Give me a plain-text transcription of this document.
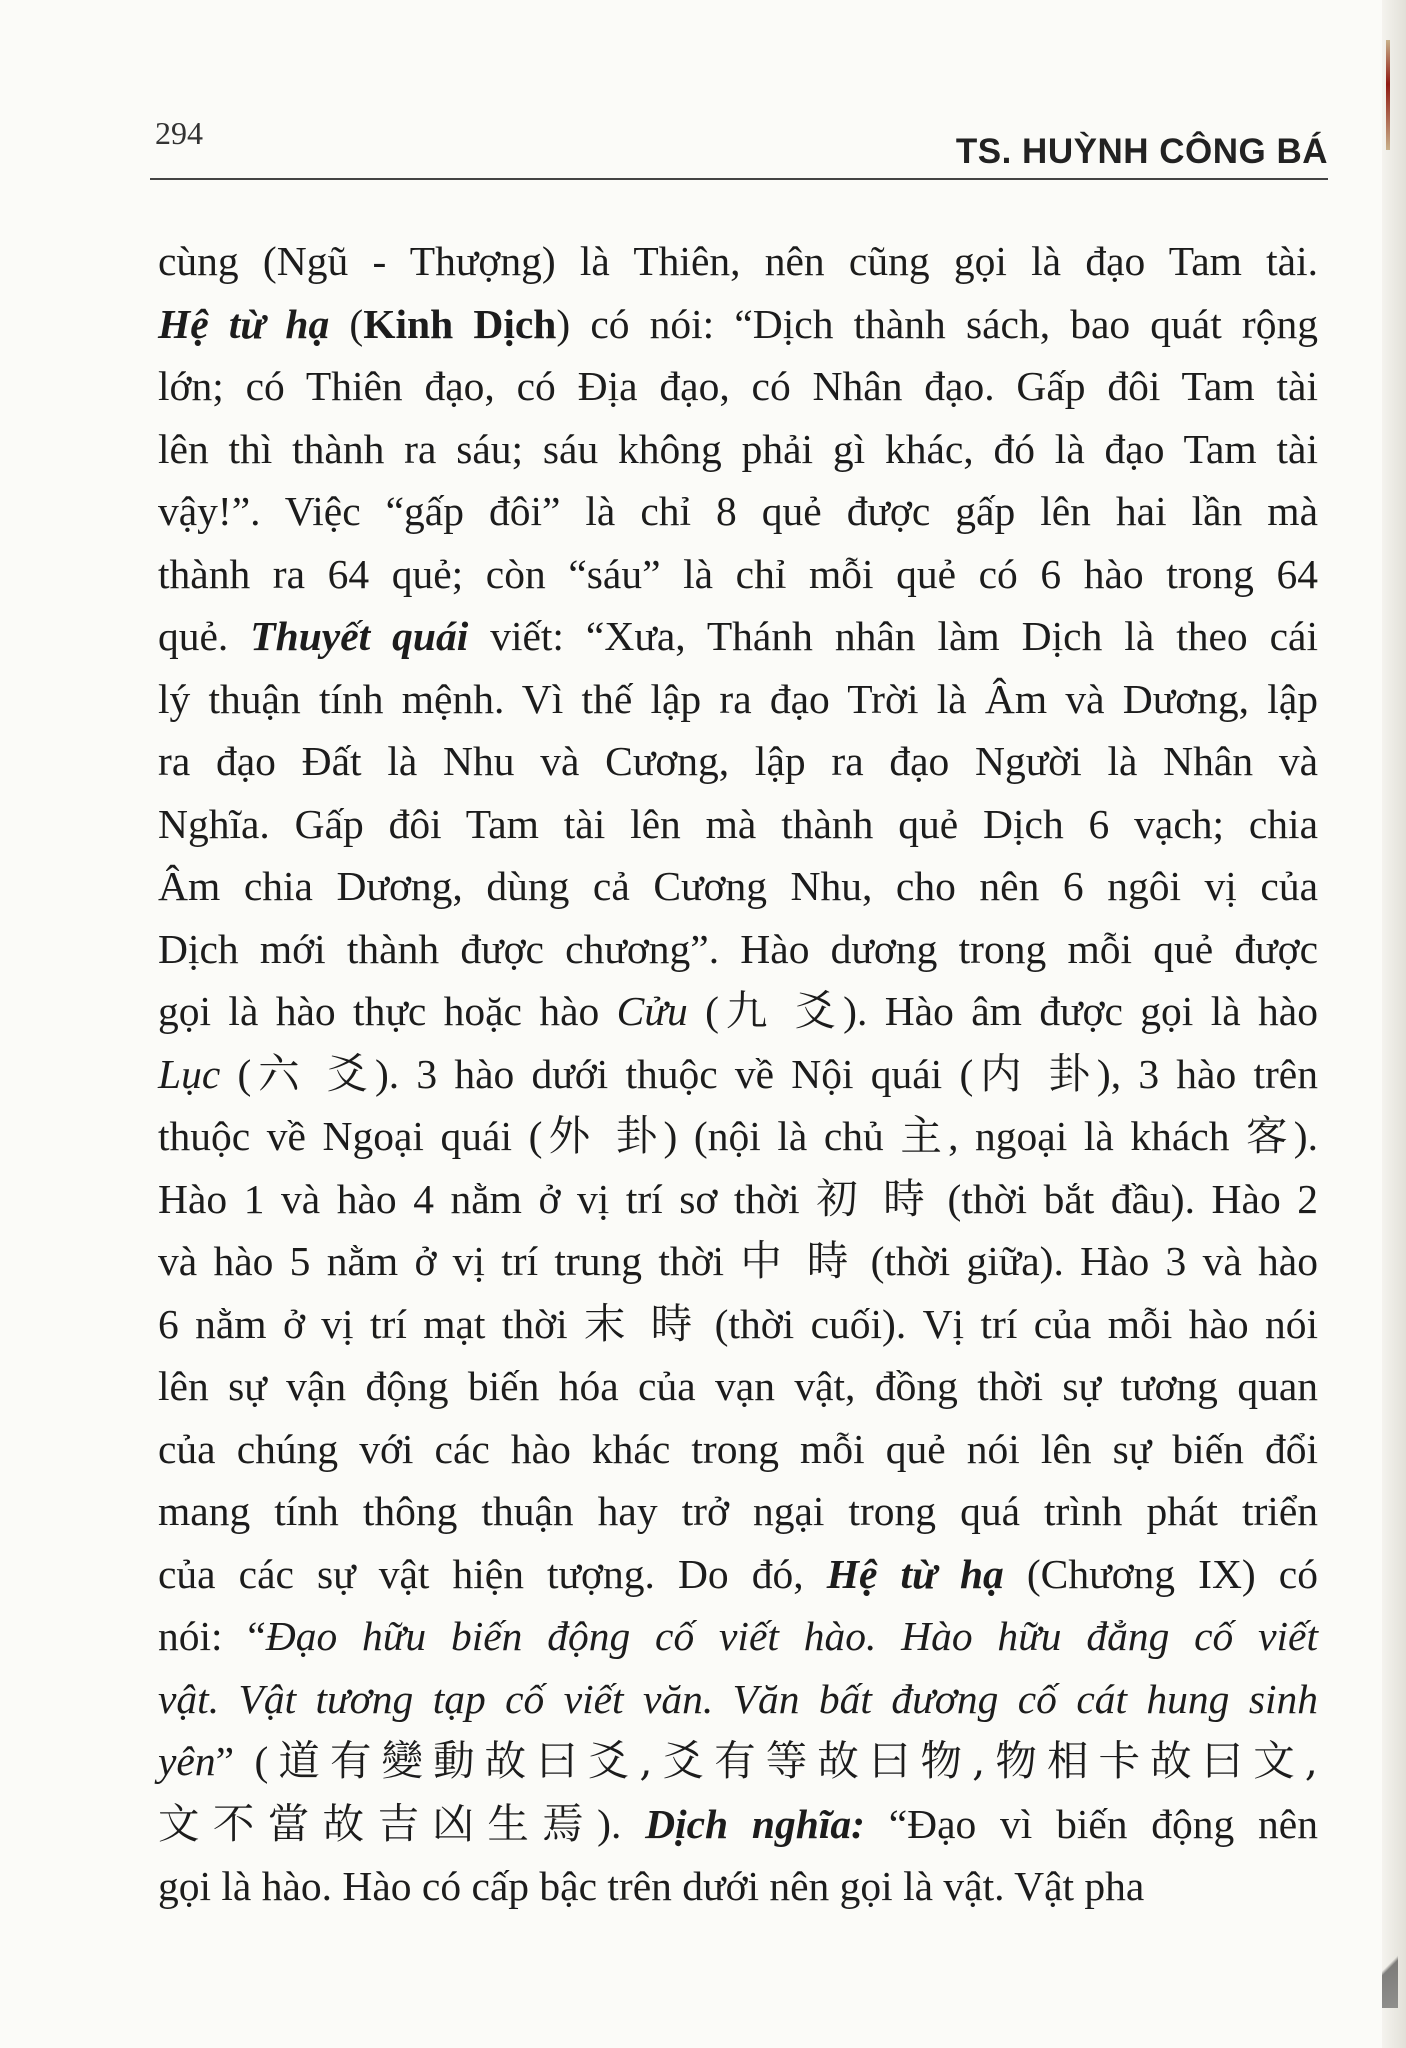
294	TS. HUỲNH CÔNG BÁ
cùng (Ngũ - Thượng) là Thiên, nên cũng gọi là đạo Tam tài.
Hệ từ hạ (Kinh Dịch) có nói: “Dịch thành sách, bao quát rộng
lớn; có Thiên đạo, có Địa đạo, có Nhân đạo. Gấp đôi Tam tài
lên thì thành ra sáu; sáu không phải gì khác, đó là đạo Tam tài
vậy!”. Việc “gấp đôi” là chỉ 8 quẻ được gấp lên hai lần mà
thành ra 64 quẻ; còn “sáu” là chỉ mỗi quẻ có 6 hào trong 64
quẻ. Thuyết quái viết: “Xưa, Thánh nhân làm Dịch là theo cái
lý thuận tính mệnh. Vì thế lập ra đạo Trời là Âm và Dương, lập
ra đạo Đất là Nhu và Cương, lập ra đạo Người là Nhân và
Nghĩa. Gấp đôi Tam tài lên mà thành quẻ Dịch 6 vạch; chia
Âm chia Dương, dùng cả Cương Nhu, cho nên 6 ngôi vị của
Dịch mới thành được chương”. Hào dương trong mỗi quẻ được
gọi là hào thực hoặc hào Cửu (九 爻). Hào âm được gọi là hào
Lục (六 爻). 3 hào dưới thuộc về Nội quái (内 卦), 3 hào trên
thuộc về Ngoại quái (外 卦) (nội là chủ 主, ngoại là khách 客).
Hào 1 và hào 4 nằm ở vị trí sơ thời 初 時 (thời bắt đầu). Hào 2
và hào 5 nằm ở vị trí trung thời 中 時 (thời giữa). Hào 3 và hào
6 nằm ở vị trí mạt thời 末 時 (thời cuối). Vị trí của mỗi hào nói
lên sự vận động biến hóa của vạn vật, đồng thời sự tương quan
của chúng với các hào khác trong mỗi quẻ nói lên sự biến đổi
mang tính thông thuận hay trở ngại trong quá trình phát triển
của các sự vật hiện tượng. Do đó, Hệ từ hạ (Chương IX) có
nói: “Đạo hữu biến động cố viết hào. Hào hữu đẳng cố viết
vật. Vật tương tạp cố viết văn. Văn bất đương cố cát hung sinh
yên” (道有變動故曰爻,爻有等故曰物,物相卡故曰文,
文不當故吉凶生焉). Dịch nghĩa: “Đạo vì biến động nên
gọi là hào. Hào có cấp bậc trên dưới nên gọi là vật. Vật pha
